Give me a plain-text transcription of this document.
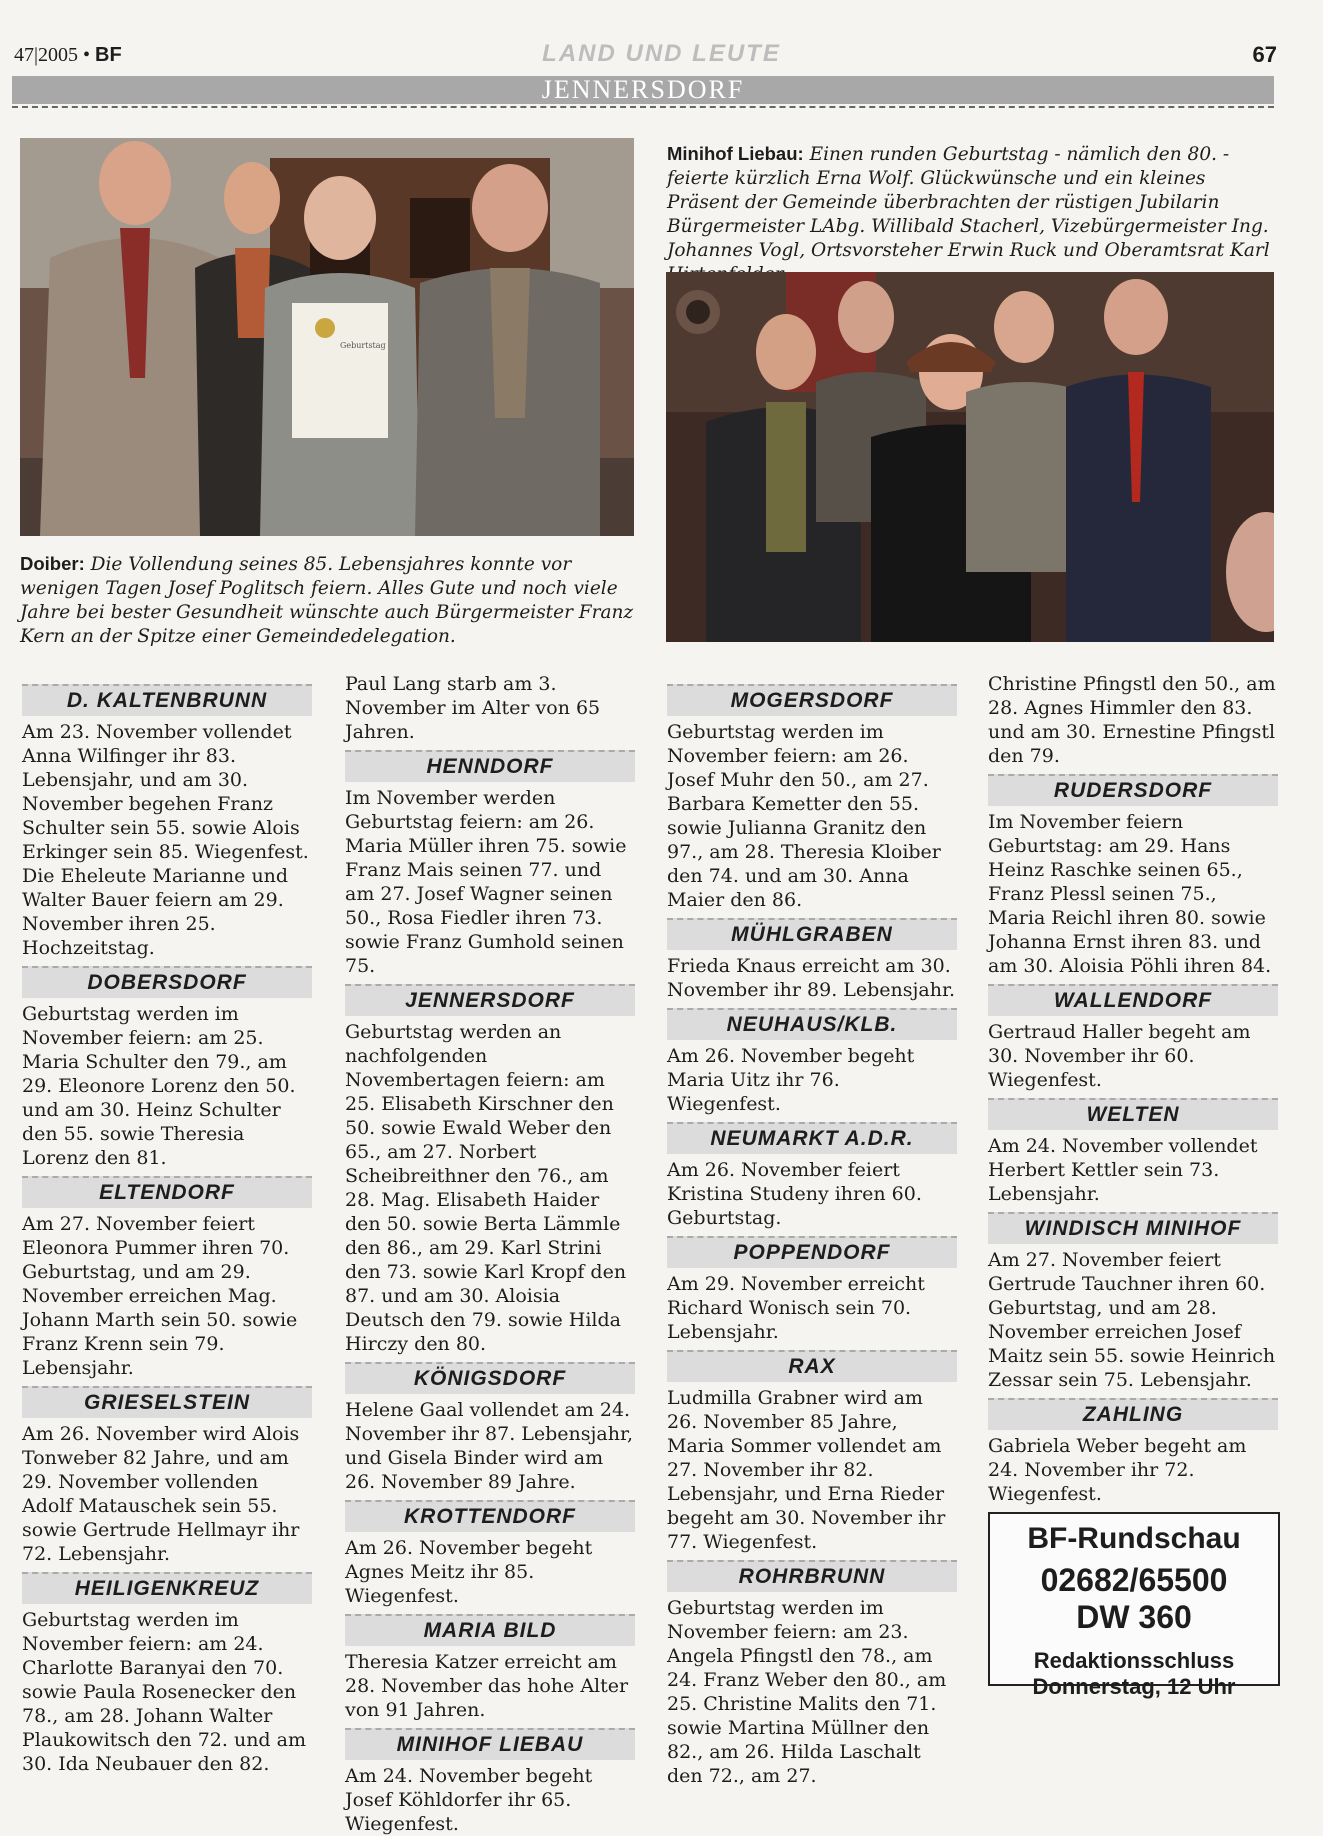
47|2005 • BF	LAND UND LEUTE	67
JENNERSDORF
Geburtstag
Doiber: Die Vollendung seines 85. Lebensjahres konnte vor wenigen Tagen Josef Poglitsch feiern. Alles Gute und noch viele Jahre bei bester Gesundheit wünschte auch Bürgermeister Franz Kern an der Spitze einer Gemeindedelegation.
Minihof Liebau: Einen runden Geburtstag - nämlich den 80. - feierte kürzlich Erna Wolf. Glückwünsche und ein kleines Präsent der Gemeinde überbrachten der rüstigen Jubilarin Bürgermeister LAbg. Willibald Stacherl, Vizebürgermeister Ing. Johannes Vogl, Ortsvorsteher Erwin Ruck und Oberamtsrat Karl
D. KALTENBRUNN

Am 23. November vollendet Anna Wilfinger ihr 83. Lebensjahr, und am 30. November begehen Franz Schulter sein 55. sowie Alois Erkinger sein 85. Wiegenfest.

Die Eheleute Marianne und Walter Bauer feiern am 29. November ihren 25. Hochzeitstag.

DOBERSDORF

Geburtstag werden im November feiern: am 25. Maria Schulter den 79., am 29. Eleonore Lorenz den 50. und am 30. Heinz Schulter den 55. sowie Theresia Lorenz den 81.

ELTENDORF

Am 27. November feiert Eleonora Pummer ihren 70. Geburtstag, und am 29. November erreichen Mag. Johann Marth sein 50. sowie Franz Krenn sein 79. Lebensjahr.

GRIESELSTEIN

Am 26. November wird Alois Tonweber 82 Jahre, und am 29. November vollenden Adolf Matauschek sein 55. sowie Gertrude Hellmayr ihr 72. Lebensjahr.

HEILIGENKREUZ

Geburtstag werden im November feiern: am 24. Charlotte Baranyai den 70. sowie Paula Rosenecker den 78., am 28. Johann Walter Plaukowitsch den 72. und am 30. Ida Neubauer den 82.

Paul Lang starb am 3. November im Alter von 65 Jahren.

HENNDORF

Im November werden Geburtstag feiern: am 26. Maria Müller ihren 75. sowie Franz Mais seinen 77. und am 27. Josef Wagner seinen 50., Rosa Fiedler ihren 73. sowie Franz Gumhold seinen 75.

JENNERSDORF

Geburtstag werden an nachfolgenden Novembertagen feiern: am 25. Elisabeth Kirschner den 50. sowie Ewald Weber den 65., am 27. Norbert Scheibreithner den 76., am 28. Mag. Elisabeth Haider den 50. sowie Berta Lämmle den 86., am 29. Karl Strini den 73. sowie Karl Kropf den 87. und am 30. Aloisia Deutsch den 79. sowie Hilda Hirczy den 80.

KÖNIGSDORF

Helene Gaal vollendet am 24. November ihr 87. Lebensjahr, und Gisela Binder wird am 26. November 89 Jahre.

KROTTENDORF

Am 26. November begeht Agnes Meitz ihr 85. Wiegenfest.

MARIA BILD

Theresia Katzer erreicht am 28. November das hohe Alter von 91 Jahren.

MINIHOF LIEBAU

Am 24. November begeht Josef Köhldorfer ihr 65. Wiegenfest.

MOGERSDORF

Geburtstag werden im November feiern: am 26. Josef Muhr den 50., am 27. Barbara Kemetter den 55. sowie Julianna Granitz den 97., am 28. Theresia Kloiber den 74. und am 30. Anna Maier den 86.

MÜHLGRABEN

Frieda Knaus erreicht am 30. November ihr 89. Lebensjahr.

NEUHAUS/KLB.

Am 26. November begeht Maria Uitz ihr 76. Wiegenfest.

NEUMARKT A.D.R.

Am 26. November feiert Kristina Studeny ihren 60. Geburtstag.

POPPENDORF

Am 29. November erreicht Richard Wonisch sein 70. Lebensjahr.

RAX

Ludmilla Grabner wird am 26. November 85 Jahre, Maria Sommer vollendet am 27. November ihr 82. Lebensjahr, und Erna Rieder begeht am 30. November ihr 77. Wiegenfest.

ROHRBRUNN

Geburtstag werden im November feiern: am 23. Angela Pfingstl den 78., am 24. Franz Weber den 80., am 25. Christine Malits den 71. sowie Martina Müllner den 82., am 26. Hilda Laschalt den 72., am 27.

Christine Pfingstl den 50., am 28. Agnes Himmler den 83. und am 30. Ernestine Pfingstl den 79.

RUDERSDORF

Im November feiern Geburtstag: am 29. Hans Heinz Raschke seinen 65., Franz Plessl seinen 75., Maria Reichl ihren 80. sowie Johanna Ernst ihren 83. und am 30. Aloisia Pöhli ihren 84.

WALLENDORF

Gertraud Haller begeht am 30. November ihr 60. Wiegenfest.

WELTEN

Am 24. November vollendet Herbert Kettler sein 73. Lebensjahr.

WINDISCH MINIHOF

Am 27. November feiert Gertrude Tauchner ihren 60. Geburtstag, und am 28. November erreichen Josef Maitz sein 55. sowie Heinrich Zessar sein 75. Lebensjahr.

ZAHLING

Gabriela Weber begeht am 24. November ihr 72. Wiegenfest.

BF-Rundschau
02682/65500
DW 360
Redaktionsschluss
Donnerstag, 12 Uhr
